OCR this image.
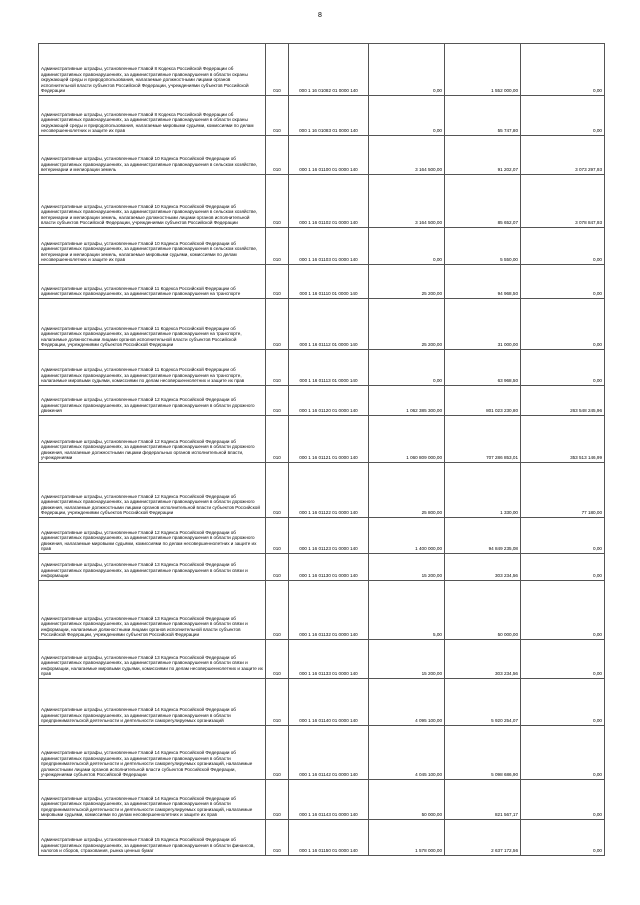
8
Административные штрафы, установленные Главой 8 Кодекса Российской Федерации об административных правонарушениях, за административные правонарушения в области охраны окружающей среды и природопользования, налагаемые должностными лицами органов исполнительной власти субъектов Российской Федерации, учреждениями субъектов Российской Федерации	010	000 1 16 01082 01 0000 140	0,00	1 552 000,00	0,00
Административные штрафы, установленные Главой 8 Кодекса Российской Федерации об административных правонарушениях, за административные правонарушения в области охраны окружающей среды и природопользования, налагаемые мировыми судьями, комиссиями по делам несовершеннолетних и защите их прав	010	000 1 16 01083 01 0000 140	0,00	55 747,80	0,00
Административные штрафы, установленные Главой 10 Кодекса Российской Федерации об административных правонарушениях, за административные правонарушения в сельском хозяйстве, ветеринарии и мелиорации земель	010	000 1 16 01100 01 0000 140	3 164 500,00	91 202,07	3 073 297,93
Административные штрафы, установленные Главой 10 Кодекса Российской Федерации об административных правонарушениях, за административные правонарушения в сельском хозяйстве, ветеринарии и мелиорации земель, налагаемые должностными лицами органов исполнительной власти субъектов Российской Федерации, учреждениями субъектов Российской Федерации	010	000 1 16 01102 01 0000 140	3 164 500,00	85 652,07	3 078 847,93
Административные штрафы, установленные Главой 10 Кодекса Российской Федерации об административных правонарушениях, за административные правонарушения в сельском хозяйстве, ветеринарии и мелиорации земель, налагаемые мировыми судьями, комиссиями по делам несовершеннолетних и защите их прав	010	000 1 16 01103 01 0000 140	0,00	5 550,00	0,00
Административные штрафы, установленные Главой 11 Кодекса Российской Федерации об административных правонарушениях, за административные правонарушения на транспорте	010	000 1 16 01110 01 0000 140	25 200,00	94 968,50	0,00
Административные штрафы, установленные Главой 11 Кодекса Российской Федерации об административных правонарушениях, за административные правонарушения на транспорте, налагаемые должностными лицами органов исполнительной власти субъектов Российской Федерации, учреждениями субъектов Российской Федерации	010	000 1 16 01112 01 0000 140	25 200,00	31 000,00	0,00
Административные штрафы, установленные Главой 11 Кодекса Российской Федерации об административных правонарушениях, за административные правонарушения на транспорте, налагаемые мировыми судьями, комиссиями по делам несовершеннолетних и защите их прав	010	000 1 16 01113 01 0000 140	0,00	63 968,50	0,00
Административные штрафы, установленные Главой 12 Кодекса Российской Федерации об административных правонарушениях, за административные правонарушения в области дорожного движения	010	000 1 16 01120 01 0000 140	1 062 385 300,00	801 023 230,80	263 548 245,96
Административные штрафы, установленные Главой 12 Кодекса Российской Федерации об административных правонарушениях, за административные правонарушения в области дорожного движения, налагаемые должностными лицами федеральных органов исполнительной власти, учреждениями	010	000 1 16 01121 01 0000 140	1 060 809 000,00	707 286 853,01	353 513 146,99
Административные штрафы, установленные Главой 12 Кодекса Российской Федерации об административных правонарушениях, за административные правонарушения в области дорожного движения, налагаемые должностными лицами органов исполнительной власти субъектов Российской Федерации, учреждениями субъектов Российской Федерации	010	000 1 16 01122 01 0000 140	25 800,00	1 330,00	77 180,00
Административные штрафы, установленные Главой 12 Кодекса Российской Федерации об административных правонарушениях, за административные правонарушения в области дорожного движения, налагаемые мировыми судьями, комиссиями по делам несовершеннолетних и защите их прав	010	000 1 16 01123 01 0000 140	1 400 000,00	94 849 235,08	0,00
Административные штрафы, установленные Главой 13 Кодекса Российской Федерации об административных правонарушениях, за административные правонарушения в области связи и информации	010	000 1 16 01130 01 0000 140	15 200,00	303 234,56	0,00
Административные штрафы, установленные Главой 13 Кодекса Российской Федерации об административных правонарушениях, за административные правонарушения в области связи и информации, налагаемые должностными лицами органов исполнительной власти субъектов Российской Федерации, учреждениями субъектов Российской Федерации	010	000 1 16 01132 01 0000 140	5,00	50 000,00	0,00
Административные штрафы, установленные Главой 13 Кодекса Российской Федерации об административных правонарушениях, за административные правонарушения в области связи и информации, налагаемые мировыми судьями, комиссиями по делам несовершеннолетних и защите их прав	010	000 1 16 01133 01 0000 140	15 200,00	303 234,56	0,00
Административные штрафы, установленные Главой 14 Кодекса Российской Федерации об административных правонарушениях, за административные правонарушения в области предпринимательской деятельности и деятельности саморегулируемых организаций	010	000 1 16 01140 01 0000 140	4 095 100,00	5 920 254,07	0,00
Административные штрафы, установленные Главой 14 Кодекса Российской Федерации об административных правонарушениях, за административные правонарушения в области предпринимательской деятельности и деятельности саморегулируемых организаций, налагаемые должностными лицами органов исполнительной власти субъектов Российской Федерации, учреждениями субъектов Российской Федерации	010	000 1 16 01142 01 0000 140	4 045 100,00	5 098 686,90	0,00
Административные штрафы, установленные Главой 14 Кодекса Российской Федерации об административных правонарушениях, за административные правонарушения в области предпринимательской деятельности и деятельности саморегулируемых организаций, налагаемые мировыми судьями, комиссиями по делам несовершеннолетних и защите их прав	010	000 1 16 01143 01 0000 140	50 000,00	821 567,17	0,00
Административные штрафы, установленные Главой 15 Кодекса Российской Федерации об административных правонарушениях, за административные правонарушения в области финансов, налогов и сборов, страхования, рынка ценных бумаг	010	000 1 16 01150 01 0000 140	1 578 000,00	2 637 172,56	0,00
